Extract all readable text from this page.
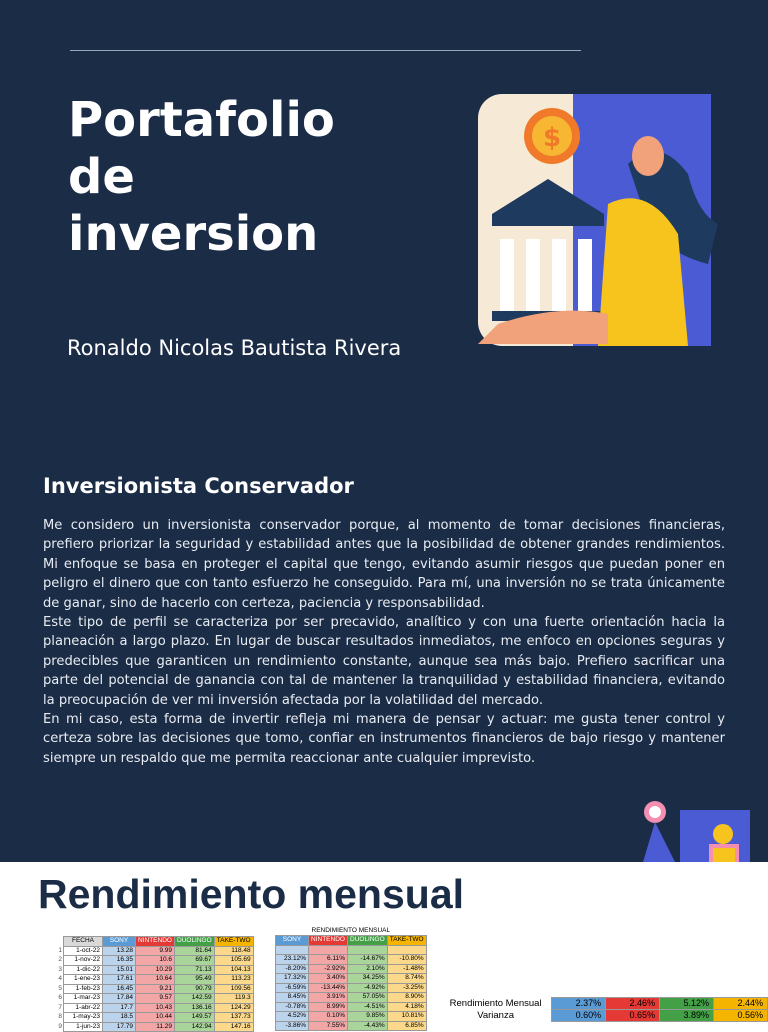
Portafolio
de
inversion
Ronaldo Nicolas Bautista Rivera
$
Inversionista Conservador

Me considero un inversionista conservador porque, al momento de tomar decisiones financieras, prefiero priorizar la seguridad y estabilidad antes que la posibilidad de obtener grandes rendimientos. Mi enfoque se basa en proteger el capital que tengo, evitando asumir riesgos que puedan poner en peligro el dinero que con tanto esfuerzo he conseguido. Para mí, una inversión no se trata únicamente de ganar, sino de hacerlo con certeza, paciencia y responsabilidad.

Este tipo de perfil se caracteriza por ser precavido, analítico y con una fuerte orientación hacia la planeación a largo plazo. En lugar de buscar resultados inmediatos, me enfoco en opciones seguras y predecibles que garanticen un rendimiento constante, aunque sea más bajo. Prefiero sacrificar una parte del potencial de ganancia con tal de mantener la tranquilidad y estabilidad financiera, evitando la preocupación de ver mi inversión afectada por la volatilidad del mercado.

En mi caso, esta forma de invertir refleja mi manera de pensar y actuar: me gusta tener control y certeza sobre las decisiones que tomo, confiar en instrumentos financieros de bajo riesgo y mantener siempre un respaldo que me permita reaccionar ante cualquier imprevisto.

Rendimiento mensual
	FECHA	SONY	NINTENDO	DUOLINGO	TAKE-TWO
1	1-oct-22	13.28	9.99	81.64	118.48
2	1-nov-22	16.35	10.6	69.67	105.69
3	1-dic-22	15.01	10.29	71.13	104.13
4	1-ene-23	17.61	10.64	95.49	113.23
5	1-feb-23	16.45	9.21	90.79	109.56
6	1-mar-23	17.84	9.57	142.59	119.3
7	1-abr-22	17.7	10.43	136.16	124.29
8	1-may-23	18.5	10.44	149.57	137.73
9	1-jun-23	17.79	11.29	142.94	147.16
RENDIMIENTO MENSUAL			
SONY	NINTENDO	DUOLINGO	TAKE-TWO

23.12%	6.11%	-14.67%	-10.80%
-8.20%	-2.92%	2.10%	-1.48%
17.32%	3.40%	34.25%	8.74%
-6.59%	-13.44%	-4.92%	-3.25%
8.45%	3.91%	57.05%	8.90%
-0.78%	8.99%	-4.51%	4.18%
4.52%	0.10%	9.85%	10.81%
-3.86%	7.55%	-4.43%	6.85%
Rendimiento Mensual	2.37%	2.46%	5.12%	2.44%
Varianza	0.60%	0.65%	3.89%	0.56%
